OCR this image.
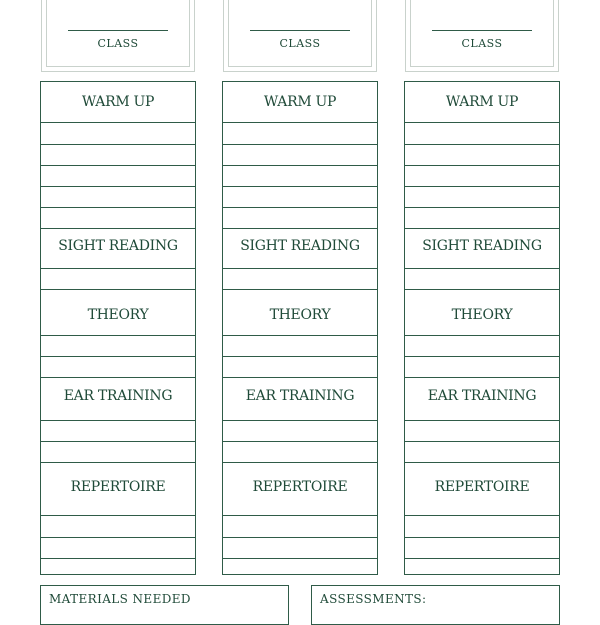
CLASS	CLASS	CLASS
WARM UP
SIGHT READING
THEORY
EAR TRAINING
REPERTOIRE
WARM UP
SIGHT READING
THEORY
EAR TRAINING
REPERTOIRE
WARM UP
SIGHT READING
THEORY
EAR TRAINING
REPERTOIRE
MATERIALS NEEDED	ASSESSMENTS:
